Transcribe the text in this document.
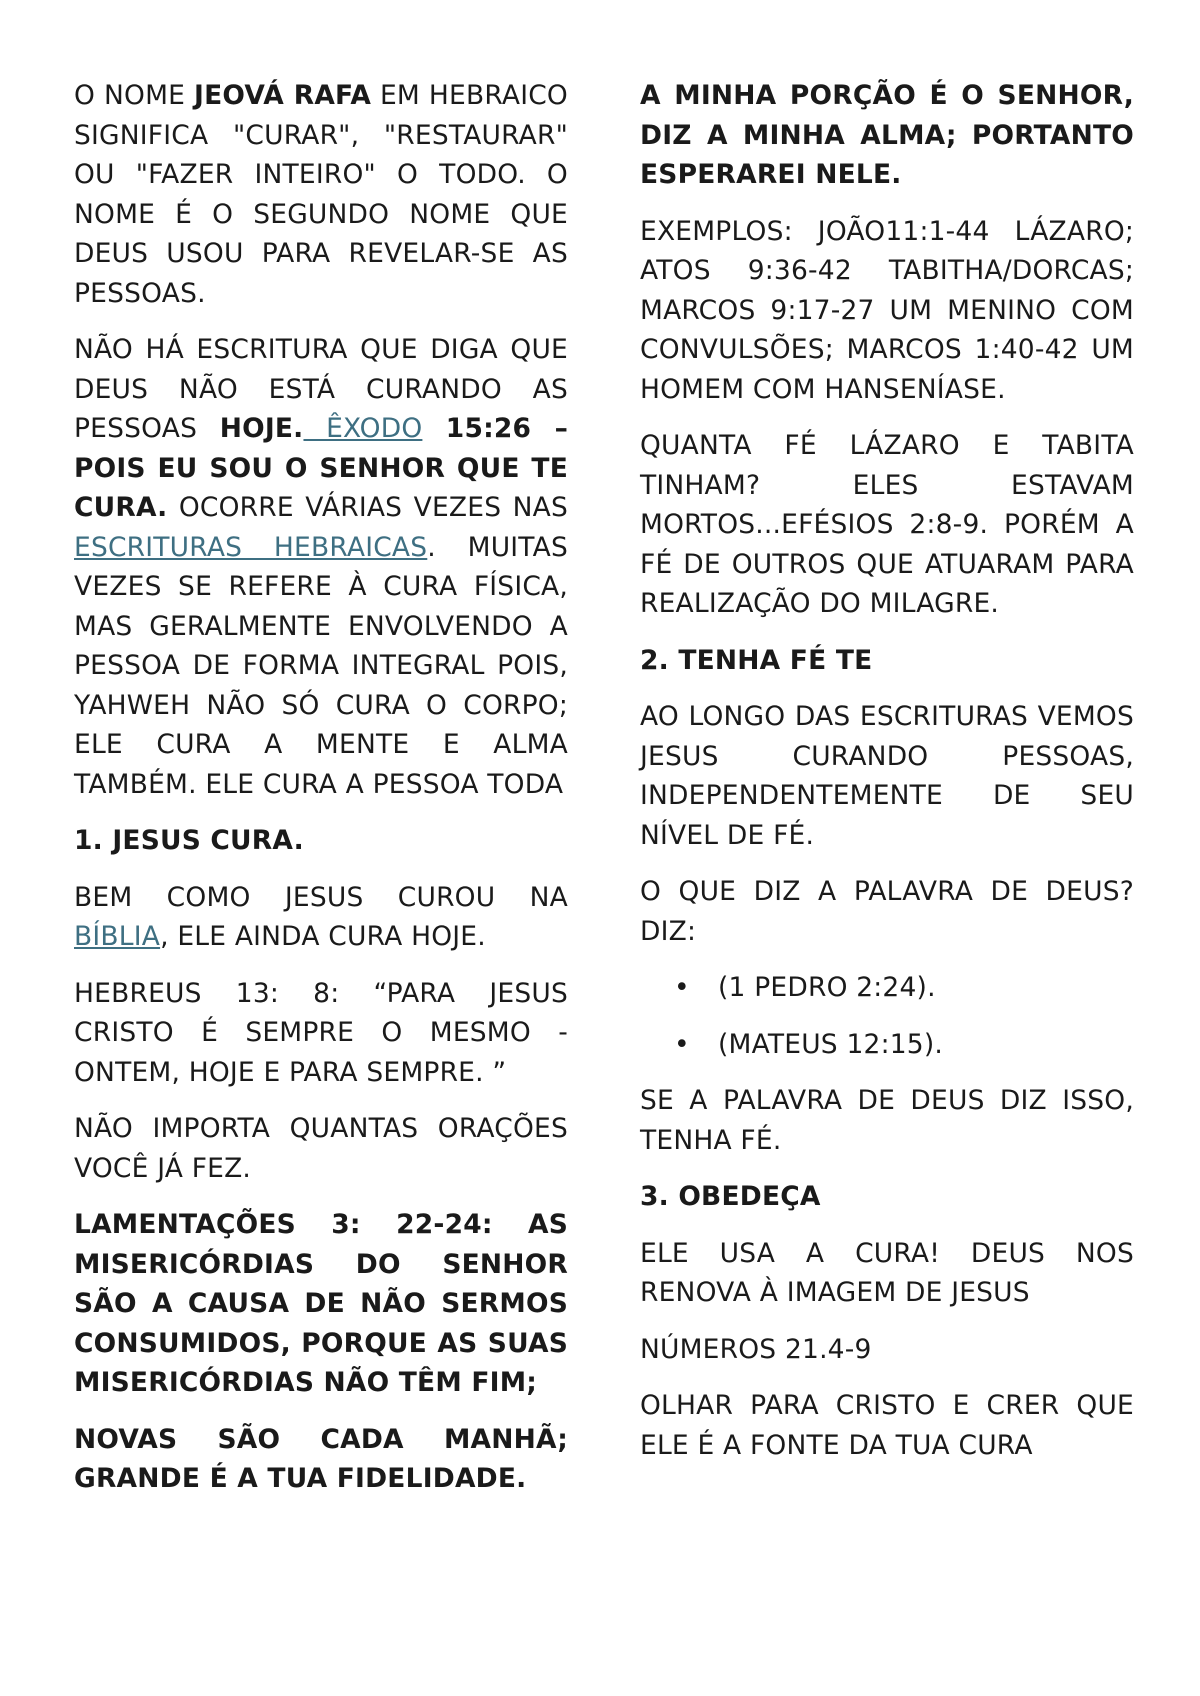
O NOME JEOVÁ RAFA EM HEBRAICO SIGNIFICA "CURAR", "RESTAURAR" OU "FAZER INTEIRO" O TODO. O NOME É O SEGUNDO NOME QUE DEUS USOU PARA REVELAR-SE AS PESSOAS.

NÃO HÁ ESCRITURA QUE DIGA QUE DEUS NÃO ESTÁ CURANDO AS PESSOAS HOJE. ÊXODO 15:26 – POIS EU SOU O SENHOR QUE TE CURA. OCORRE VÁRIAS VEZES NAS ESCRITURAS HEBRAICAS. MUITAS VEZES SE REFERE À CURA FÍSICA, MAS GERALMENTE ENVOLVENDO A PESSOA DE FORMA INTEGRAL POIS, YAHWEH NÃO SÓ CURA O CORPO; ELE CURA A MENTE E ALMA TAMBÉM. ELE CURA A PESSOA TODA

1. JESUS CURA.

BEM COMO JESUS CUROU NA BÍBLIA, ELE AINDA CURA HOJE.

HEBREUS 13: 8: “PARA JESUS CRISTO É SEMPRE O MESMO - ONTEM, HOJE E PARA SEMPRE. ”

NÃO IMPORTA QUANTAS ORAÇÕES VOCÊ JÁ FEZ.

LAMENTAÇÕES 3: 22-24: AS MISERICÓRDIAS DO SENHOR SÃO A CAUSA DE NÃO SERMOS CONSUMIDOS, PORQUE AS SUAS MISERICÓRDIAS NÃO TÊM FIM;

NOVAS SÃO CADA MANHÃ; GRANDE É A TUA FIDELIDADE.

A MINHA PORÇÃO É O SENHOR, DIZ A MINHA ALMA; PORTANTO ESPERAREI NELE.

EXEMPLOS: JOÃO11:1-44 LÁZARO; ATOS 9:36-42 TABITHA/DORCAS; MARCOS 9:17-27 UM MENINO COM CONVULSÕES; MARCOS 1:40-42 UM HOMEM COM HANSENÍASE.

QUANTA FÉ LÁZARO E TABITA TINHAM? ELES ESTAVAM MORTOS...EFÉSIOS 2:8-9. PORÉM A FÉ DE OUTROS QUE ATUARAM PARA REALIZAÇÃO DO MILAGRE.

2. TENHA FÉ TE

AO LONGO DAS ESCRITURAS VEMOS JESUS CURANDO PESSOAS, INDEPENDENTEMENTE DE SEU NÍVEL DE FÉ.

O QUE DIZ A PALAVRA DE DEUS? DIZ:

• (1 PEDRO 2:24).
• (MATEUS 12:15).

SE A PALAVRA DE DEUS DIZ ISSO, TENHA FÉ.

3. OBEDEÇA

ELE USA A CURA! DEUS NOS RENOVA À IMAGEM DE JESUS

NÚMEROS 21.4-9

OLHAR PARA CRISTO E CRER QUE ELE É A FONTE DA TUA CURA
